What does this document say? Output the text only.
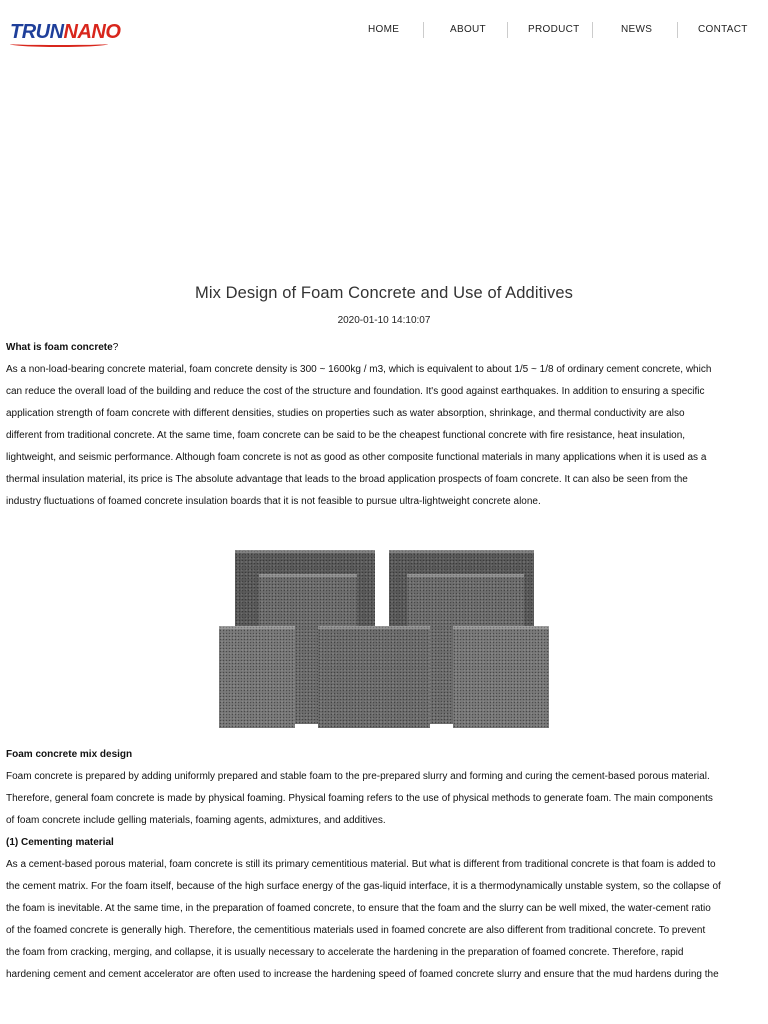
TRUN NANO	HOME	ABOUT	PRODUCT	NEWS	CONTACT
Mix Design of Foam Concrete and Use of Additives
2020-01-10 14:10:07

What is foam concrete?

As a non-load-bearing concrete material, foam concrete density is 300 ~ 1600kg / m3, which is equivalent to about 1/5 ~ 1/8 of ordinary cement concrete, which

can reduce the overall load of the building and reduce the cost of the structure and foundation. It's good against earthquakes. In addition to ensuring a specific

application strength of foam concrete with different densities, studies on properties such as water absorption, shrinkage, and thermal conductivity are also

different from traditional concrete. At the same time, foam concrete can be said to be the cheapest functional concrete with fire resistance, heat insulation,

lightweight, and seismic performance. Although foam concrete is not as good as other composite functional materials in many applications when it is used as a

thermal insulation material, its price is The absolute advantage that leads to the broad application prospects of foam concrete. It can also be seen from the

industry fluctuations of foamed concrete insulation boards that it is not feasible to pursue ultra-lightweight concrete alone.

Foam concrete mix design

Foam concrete is prepared by adding uniformly prepared and stable foam to the pre-prepared slurry and forming and curing the cement-based porous material.

Therefore, general foam concrete is made by physical foaming. Physical foaming refers to the use of physical methods to generate foam. The main components

of foam concrete include gelling materials, foaming agents, admixtures, and additives.

(1) Cementing material

As a cement-based porous material, foam concrete is still its primary cementitious material. But what is different from traditional concrete is that foam is added to

the cement matrix. For the foam itself, because of the high surface energy of the gas-liquid interface, it is a thermodynamically unstable system, so the collapse of

the foam is inevitable. At the same time, in the preparation of foamed concrete, to ensure that the foam and the slurry can be well mixed, the water-cement ratio

of the foamed concrete is generally high. Therefore, the cementitious materials used in foamed concrete are also different from traditional concrete. To prevent

the foam from cracking, merging, and collapse, it is usually necessary to accelerate the hardening in the preparation of foamed concrete. Therefore, rapid

hardening cement and cement accelerator are often used to increase the hardening speed of foamed concrete slurry and ensure that the mud hardens during the
